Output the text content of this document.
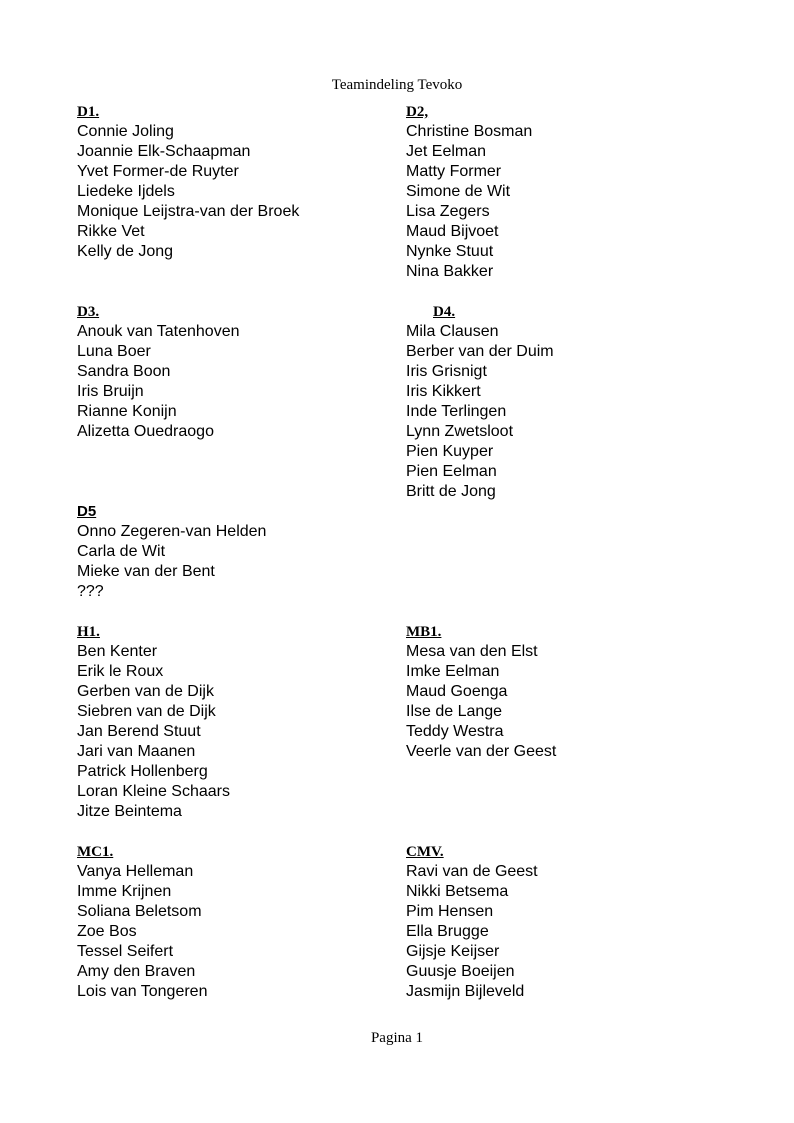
Teamindeling Tevoko
D1.
Connie Joling
Joannie Elk-Schaapman
Yvet Former-de Ruyter
Liedeke Ijdels
Monique Leijstra-van der Broek
Rikke Vet
Kelly de Jong
D2,
Christine Bosman
Jet Eelman
Matty Former
Simone de Wit
Lisa Zegers
Maud Bijvoet
Nynke Stuut
Nina Bakker
D3.
Anouk van Tatenhoven
Luna Boer
Sandra Boon
Iris Bruijn
Rianne Konijn
Alizetta Ouedraogo
D4.
Mila Clausen
Berber van der Duim
Iris Grisnigt
Iris Kikkert
Inde Terlingen
Lynn Zwetsloot
Pien Kuyper
Pien Eelman
Britt de Jong
D5
Onno Zegeren-van Helden
Carla de Wit
Mieke van der Bent
???
H1.
Ben Kenter
Erik le Roux
Gerben van de Dijk
Siebren van de Dijk
Jan Berend Stuut
Jari van Maanen
Patrick Hollenberg
Loran Kleine Schaars
Jitze Beintema
MB1.
Mesa van den Elst
Imke Eelman
Maud Goenga
Ilse de Lange
Teddy Westra
Veerle van der Geest
MC1.
Vanya Helleman
Imme Krijnen
Soliana Beletsom
Zoe Bos
Tessel Seifert
Amy den Braven
Lois van Tongeren
CMV.
Ravi van de Geest
Nikki Betsema
Pim Hensen
Ella Brugge
Gijsje Keijser
Guusje Boeijen
Jasmijn Bijleveld
Pagina 1
